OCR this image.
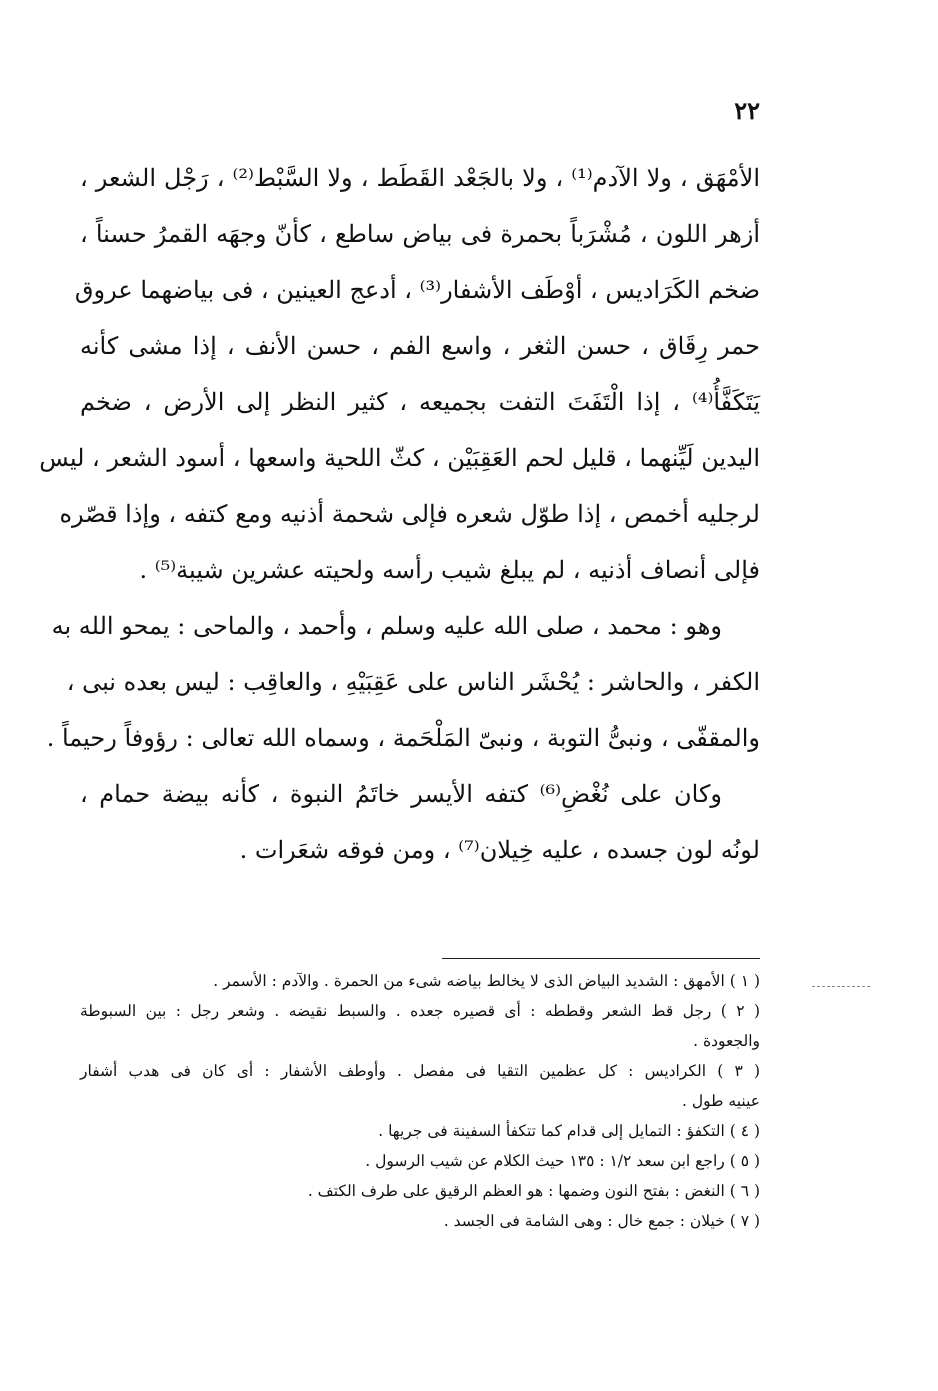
٢٢
الأمْهَق ، ولا الآدم⁽¹⁾ ، ولا بالجَعْد القَطَط ، ولا السَّبْط⁽²⁾ ، رَجْل الشعر ،
أزهر اللون ، مُشْرَباً بحمرة فى بياض ساطع ، كأنّ وجهَه القمرُ حسناً ،
ضخم الكَرَاديس ، أوْطَف الأشفار⁽³⁾ ، أدعج العينين ، فى بياضهما عروق
حمر رِقَاق ، حسن الثغر ، واسع الفم ، حسن الأنف ، إذا مشى كأنه
يَتَكَفَّأُ⁽⁴⁾ ، إذا الْتَفَتَ التفت بجميعه ، كثير النظر إلى الأرض ، ضخم
اليدين لَيِّنهما ، قليل لحم العَقِبَيْن ، كثّ اللحية واسعها ، أسود الشعر ، ليس
لرجليه أخمص ، إذا طوّل شعره فإلى شحمة أذنيه ومع كتفه ، وإذا قصّره
فإلى أنصاف أذنيه ، لم يبلغ شيب رأسه ولحيته عشرين شيبة⁽⁵⁾ .
وهو : محمد ، صلى الله عليه وسلم ، وأحمد ، والماحى : يمحو الله به
الكفر ، والحاشر : يُحْشَر الناس على عَقِبَيْهِ ، والعاقِب : ليس بعده نبى ،
والمقفّى ، ونبىُّ التوبة ، ونبىّ المَلْحَمة ، وسماه الله تعالى : رؤوفاً رحيماً .
وكان على نُغْضِ⁽⁶⁾ كتفه الأيسر خاتَمُ النبوة ، كأنه بيضة حمام ،
لونُه لون جسده ، عليه خِيلان⁽⁷⁾ ، ومن فوقه شعَرات .
( ١ ) الأمهق : الشديد البياض الذى لا يخالط بياضه شىء من الحمرة . والآدم : الأسمر .
( ٢ ) رجل قط الشعر وقططه : أى قصيره جعده . والسبط نقيضه . وشعر رجل : بين السبوطة
والجعودة .
( ٣ ) الكراديس : كل عظمين التقيا فى مفصل . وأوطف الأشفار : أى كان فى هدب أشفار
عينيه طول .
( ٤ ) التكفؤ : التمايل إلى قدام كما تتكفأ السفينة فى جريها .
( ٥ ) راجع ابن سعد ١/٢ : ١٣٥ حيث الكلام عن شيب الرسول .
( ٦ ) النغض : بفتح النون وضمها : هو العظم الرقيق على طرف الكتف .
( ٧ ) خيلان : جمع خال : وهى الشامة فى الجسد .
